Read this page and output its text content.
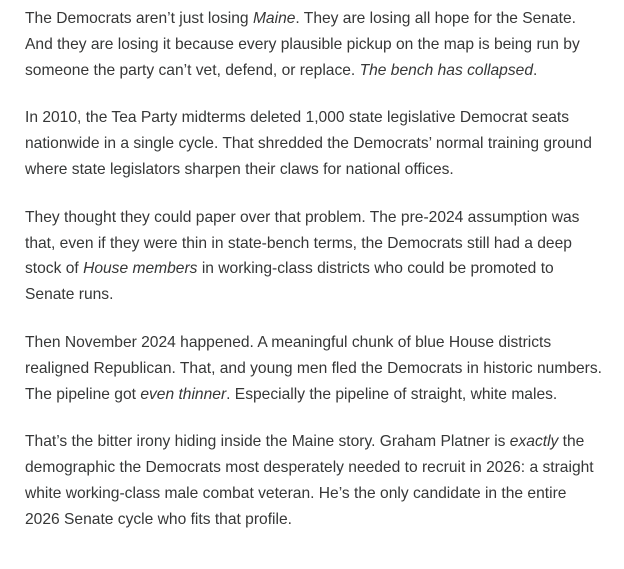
The Democrats aren’t just losing Maine. They are losing all hope for the Senate. And they are losing it because every plausible pickup on the map is being run by someone the party can’t vet, defend, or replace. The bench has collapsed.

In 2010, the Tea Party midterms deleted 1,000 state legislative Democrat seats nationwide in a single cycle. That shredded the Democrats’ normal training ground where state legislators sharpen their claws for national offices.

They thought they could paper over that problem. The pre-2024 assumption was that, even if they were thin in state-bench terms, the Democrats still had a deep stock of House members in working-class districts who could be promoted to Senate runs.

Then November 2024 happened. A meaningful chunk of blue House districts realigned Republican. That, and young men fled the Democrats in historic numbers. The pipeline got even thinner. Especially the pipeline of straight, white males.

That’s the bitter irony hiding inside the Maine story. Graham Platner is exactly the demographic the Democrats most desperately needed to recruit in 2026: a straight white working-class male combat veteran. He’s the only candidate in the entire 2026 Senate cycle who fits that profile.
